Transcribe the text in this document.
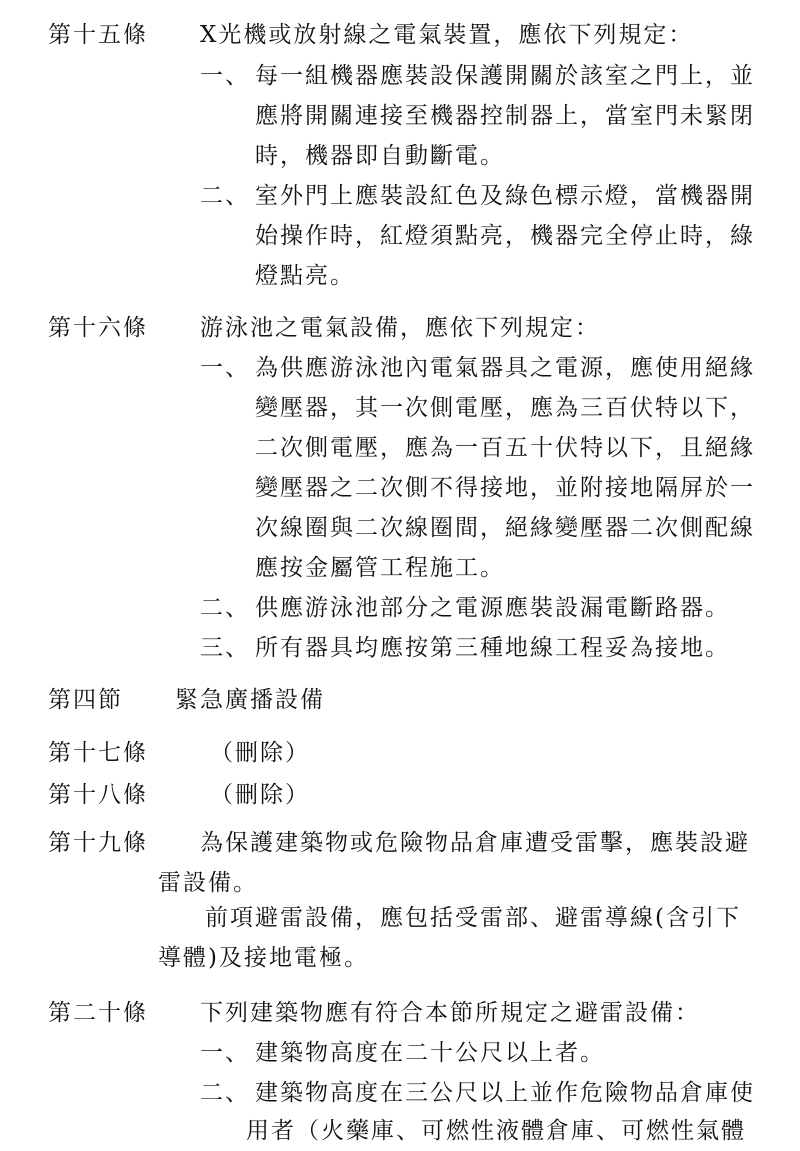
第十五條 X光機或放射線之電氣裝置，應依下列規定：
一、 每一組機器應裝設保護開關於該室之門上，並
應將開關連接至機器控制器上，當室門未緊閉
時，機器即自動斷電。
二、 室外門上應裝設紅色及綠色標示燈，當機器開
始操作時，紅燈須點亮，機器完全停止時，綠
燈點亮。
第十六條 游泳池之電氣設備，應依下列規定：
一、 為供應游泳池內電氣器具之電源，應使用絕緣
變壓器，其一次側電壓，應為三百伏特以下，
二次側電壓，應為一百五十伏特以下，且絕緣
變壓器之二次側不得接地，並附接地隔屏於一
次線圈與二次線圈間，絕緣變壓器二次側配線
應按金屬管工程施工。
二、 供應游泳池部分之電源應裝設漏電斷路器。
三、 所有器具均應按第三種地線工程妥為接地。
第四節 緊急廣播設備
第十七條	（刪除）
第十八條	（刪除）
第十九條 為保護建築物或危險物品倉庫遭受雷擊，應裝設避
雷設備。
前項避雷設備，應包括受雷部、避雷導線(含引下
導體)及接地電極。
第二十條 下列建築物應有符合本節所規定之避雷設備：
一、 建築物高度在二十公尺以上者。
二、 建築物高度在三公尺以上並作危險物品倉庫使
用者（火藥庫、可燃性液體倉庫、可燃性氣體
